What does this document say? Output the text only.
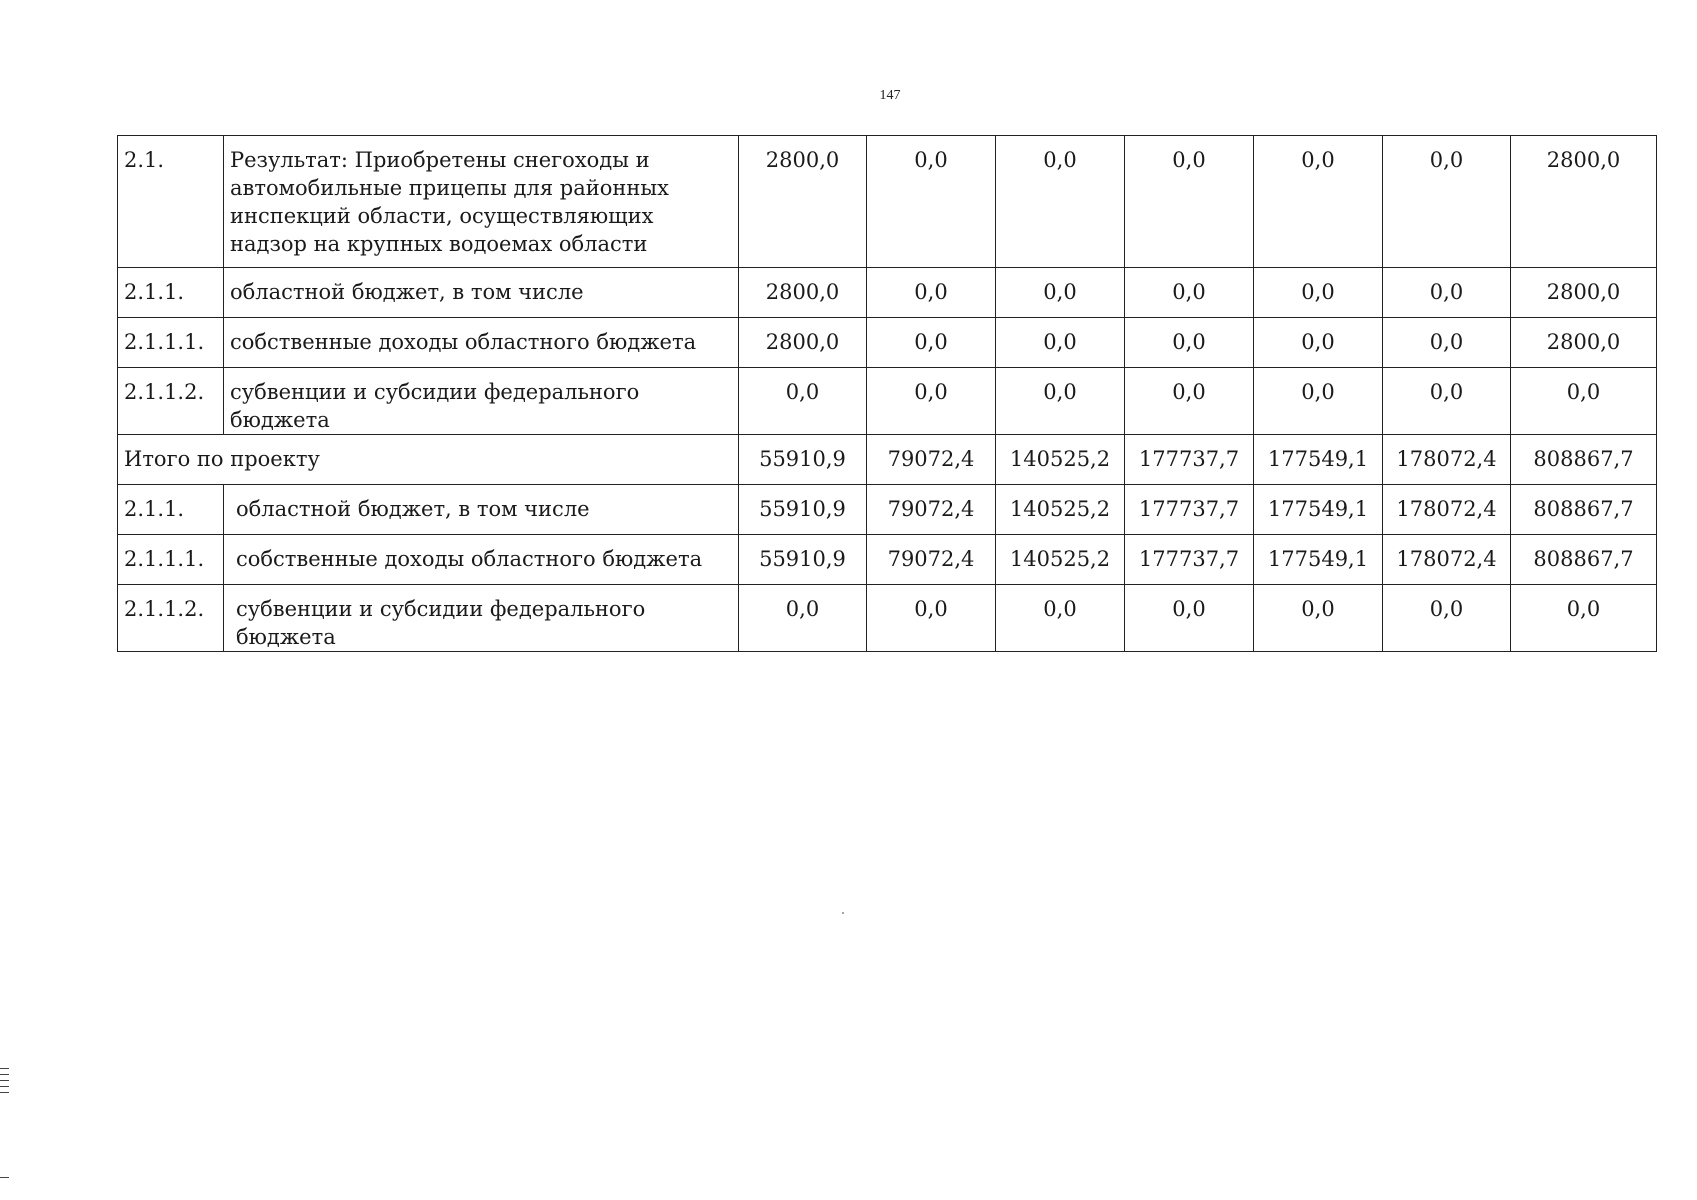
147
2.1.	Результат: Приобретены снегоходы и автомобильные прицепы для районных инспекций области, осуществляющих надзор на крупных водоемах области	2800,0	0,0	0,0	0,0	0,0	0,0	2800,0
2.1.1.	областной бюджет, в том числе	2800,0	0,0	0,0	0,0	0,0	0,0	2800,0
2.1.1.1.	собственные доходы областного бюджета	2800,0	0,0	0,0	0,0	0,0	0,0	2800,0
2.1.1.2.	субвенции и субсидии федерального бюджета	0,0	0,0	0,0	0,0	0,0	0,0	0,0
Итого по проекту		55910,9	79072,4	140525,2	177737,7	177549,1	178072,4	808867,7
2.1.1.	областной бюджет, в том числе	55910,9	79072,4	140525,2	177737,7	177549,1	178072,4	808867,7
2.1.1.1.	собственные доходы областного бюджета	55910,9	79072,4	140525,2	177737,7	177549,1	178072,4	808867,7
2.1.1.2.	субвенции и субсидии федерального бюджета	0,0	0,0	0,0	0,0	0,0	0,0	0,0
